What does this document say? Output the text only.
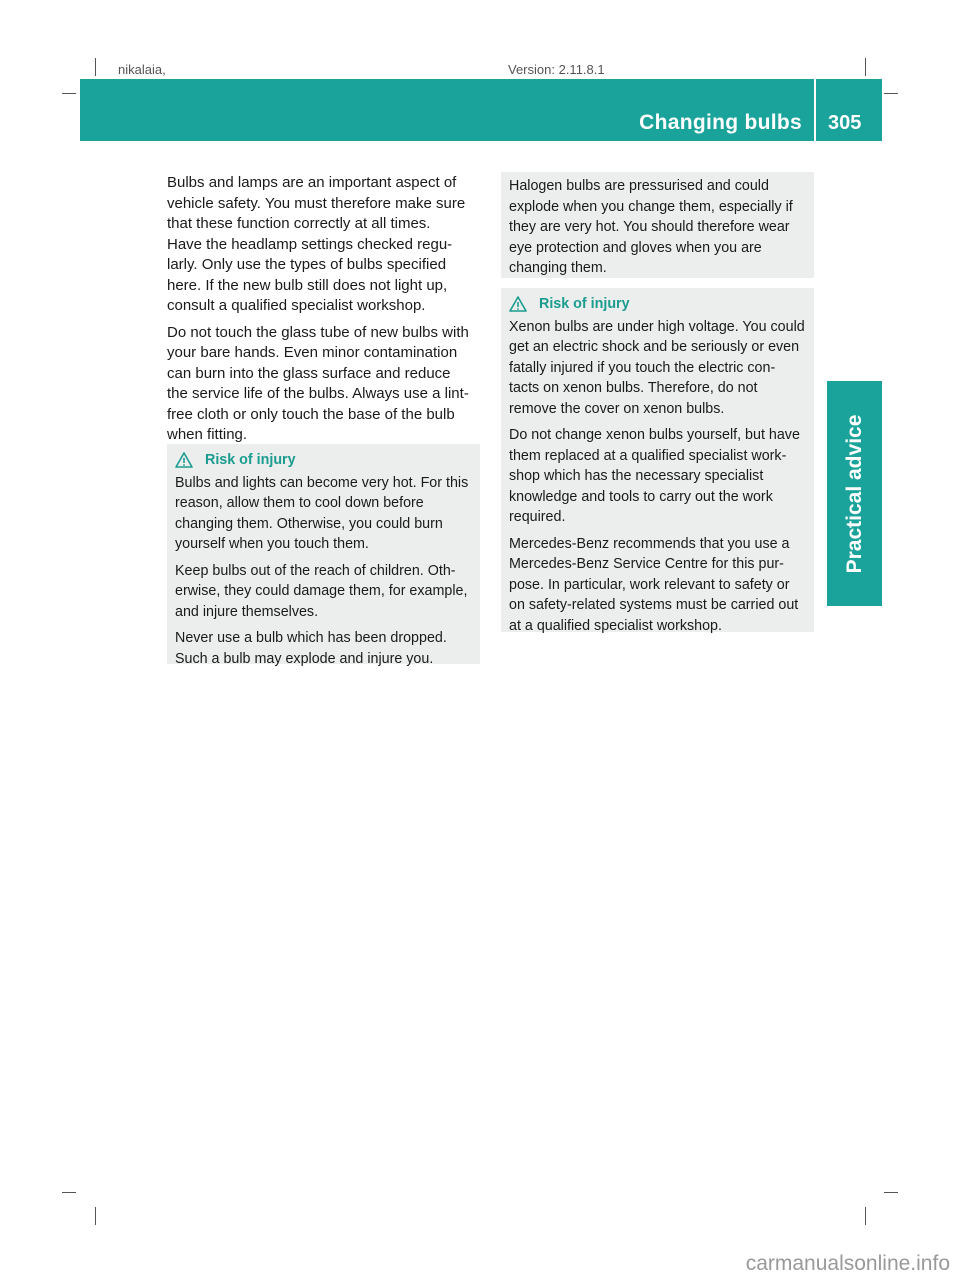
nikalaia,	Version: 2.11.8.1
Changing bulbs 305
Practical advice

Bulbs and lamps are an important aspect of
vehicle safety. You must therefore make sure
that these function correctly at all times.
Have the headlamp settings checked regu-
larly. Only use the types of bulbs specified
here. If the new bulb still does not light up,
consult a qualified specialist workshop.

Do not touch the glass tube of new bulbs with
your bare hands. Even minor contamination
can burn into the glass surface and reduce
the service life of the bulbs. Always use a lint-
free cloth or only touch the base of the bulb
when fitting.

Risk of injury

Bulbs and lights can become very hot. For this
reason, allow them to cool down before
changing them. Otherwise, you could burn
yourself when you touch them.

Keep bulbs out of the reach of children. Oth-
erwise, they could damage them, for example,
and injure themselves.

Never use a bulb which has been dropped.
Such a bulb may explode and injure you.

Halogen bulbs are pressurised and could
explode when you change them, especially if
they are very hot. You should therefore wear
eye protection and gloves when you are
changing them.

Risk of injury

Xenon bulbs are under high voltage. You could
get an electric shock and be seriously or even
fatally injured if you touch the electric con-
tacts on xenon bulbs. Therefore, do not
remove the cover on xenon bulbs.

Do not change xenon bulbs yourself, but have
them replaced at a qualified specialist work-
shop which has the necessary specialist
knowledge and tools to carry out the work
required.

Mercedes-Benz recommends that you use a
Mercedes-Benz Service Centre for this pur-
pose. In particular, work relevant to safety or
on safety-related systems must be carried out
at a qualified specialist workshop.

carmanualsonline.info
